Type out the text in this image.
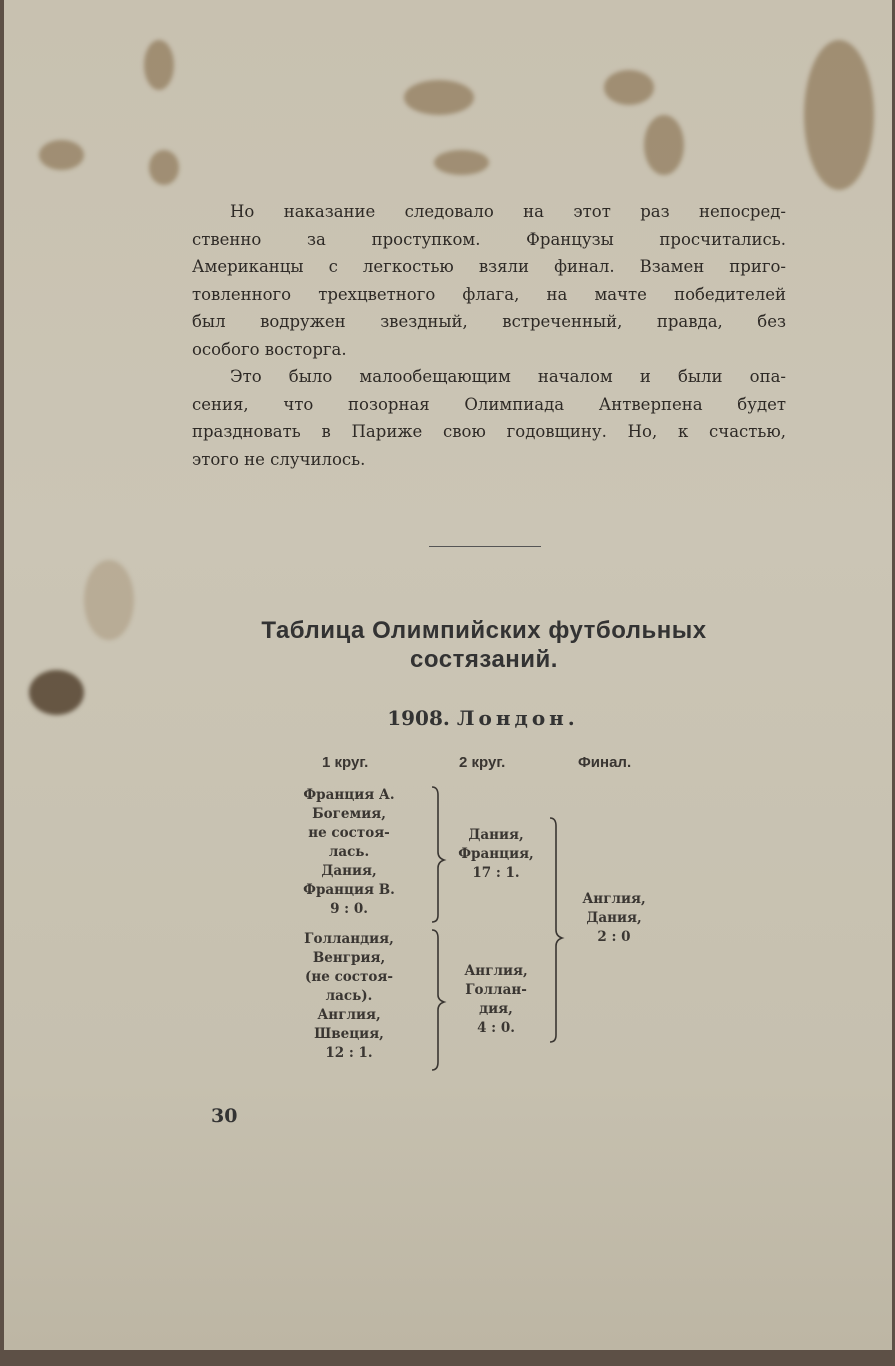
Но наказание следовало на этот раз непосред-
ственно за проступком. Французы просчитались.
Американцы с легкостью взяли финал. Взамен приго-
товленного трехцветного флага, на мачте победителей
был водружен звездный, встреченный, правда, без
особого восторга.
Это было малообещающим началом и были опа-
сения, что позорная Олимпиада Антверпена будет
праздновать в Париже свою годовщину. Но, к счастью,
этого не случилось.
Таблица Олимпийских футбольных
состязаний.
1908. Лондон.
1 круг.	2 круг.	Финал.
Франция А.
Богемия,
не состоя-
лась.
Дания,
Франция В.
9 : 0.
Голландия,
Венгрия,
(не состоя-
лась).
Англия,
Швеция,
12 : 1.
Дания,
Франция,
17 : 1.
Англия,
Голлан-
дия,
4 : 0.
Англия,
Дания,
2 : 0
30
